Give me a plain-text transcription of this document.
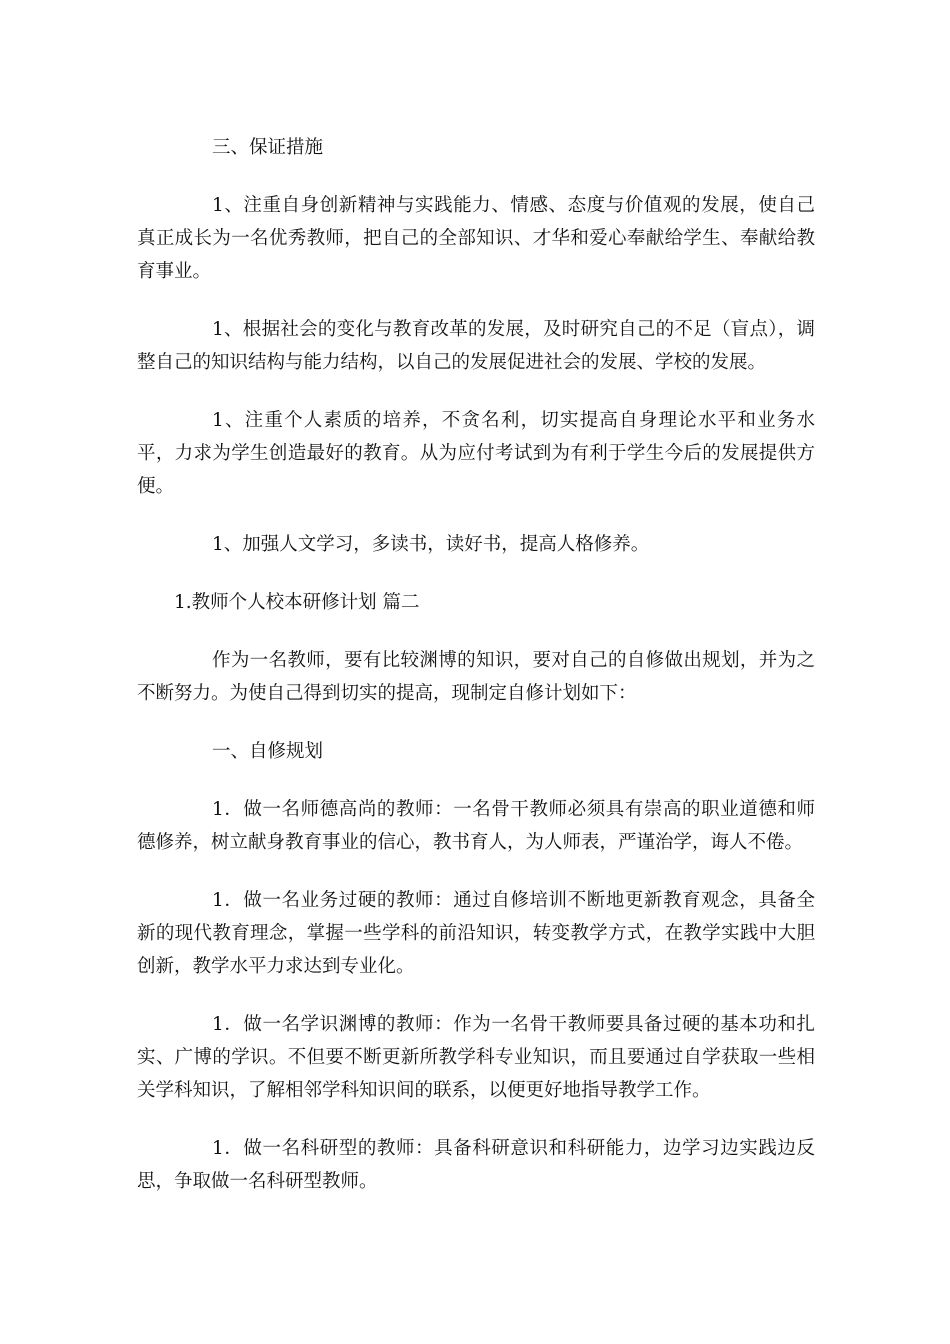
三、保证措施

1、注重自身创新精神与实践能力、情感、态度与价值观的发展，使自己真正成长为一名优秀教师，把自己的全部知识、才华和爱心奉献给学生、奉献给教育事业。

1、根据社会的变化与教育改革的发展，及时研究自己的不足（盲点），调整自己的知识结构与能力结构，以自己的发展促进社会的发展、学校的发展。

1、注重个人素质的培养，不贪名利，切实提高自身理论水平和业务水平，力求为学生创造最好的教育。从为应付考试到为有利于学生今后的发展提供方便。

1、加强人文学习，多读书，读好书，提高人格修养。

1.教师个人校本研修计划 篇二

作为一名教师，要有比较渊博的知识，要对自己的自修做出规划，并为之不断努力。为使自己得到切实的提高，现制定自修计划如下：

一、自修规划

1．做一名师德高尚的教师：一名骨干教师必须具有崇高的职业道德和师德修养，树立献身教育事业的信心，教书育人，为人师表，严谨治学，诲人不倦。

1．做一名业务过硬的教师：通过自修培训不断地更新教育观念，具备全新的现代教育理念，掌握一些学科的前沿知识，转变教学方式，在教学实践中大胆创新，教学水平力求达到专业化。

1．做一名学识渊博的教师：作为一名骨干教师要具备过硬的基本功和扎实、广博的学识。不但要不断更新所教学科专业知识，而且要通过自学获取一些相关学科知识，了解相邻学科知识间的联系，以便更好地指导教学工作。

1．做一名科研型的教师：具备科研意识和科研能力，边学习边实践边反思，争取做一名科研型教师。
